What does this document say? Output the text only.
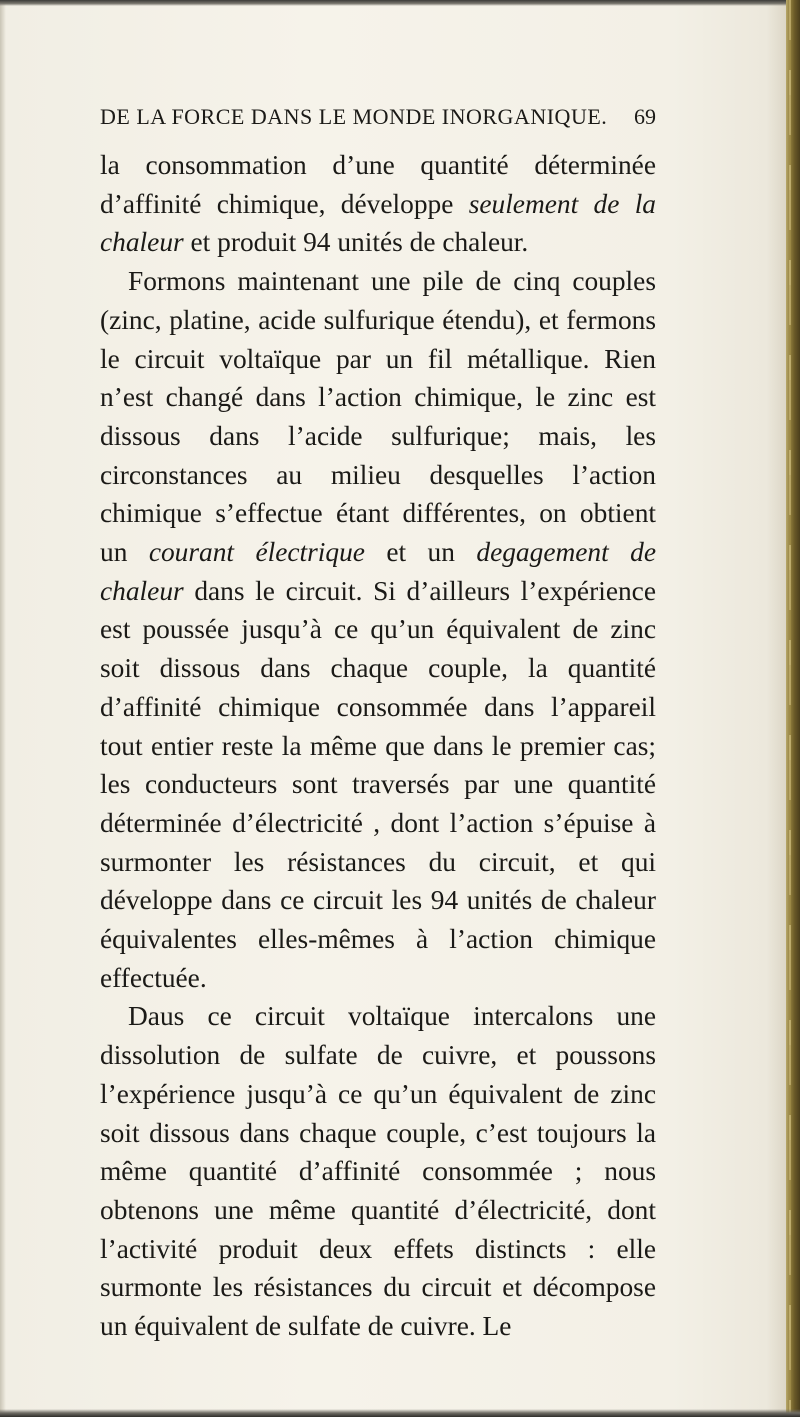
DE LA FORCE DANS LE MONDE INORGANIQUE. 69

la consommation d’une quantité déterminée d’affinité chimique, développe seulement de la chaleur et produit 94 unités de chaleur.

Formons maintenant une pile de cinq couples (zinc, platine, acide sulfurique étendu), et fermons le circuit voltaïque par un fil métallique. Rien n’est changé dans l’action chimique, le zinc est dissous dans l’acide sulfurique; mais, les circonstances au milieu desquelles l’action chimique s’effectue étant différentes, on obtient un courant électrique et un degagement de chaleur dans le circuit. Si d’ailleurs l’expérience est poussée jusqu’à ce qu’un équivalent de zinc soit dissous dans chaque couple, la quantité d’affinité chimique consommée dans l’appareil tout entier reste la même que dans le premier cas; les conducteurs sont traversés par une quantité déterminée d’électricité , dont l’action s’épuise à surmonter les résistances du circuit, et qui développe dans ce circuit les 94 unités de chaleur équivalentes elles-mêmes à l’action chimique effectuée.

Daus ce circuit voltaïque intercalons une dissolution de sulfate de cuivre, et poussons l’expérience jusqu’à ce qu’un équivalent de zinc soit dissous dans chaque couple, c’est toujours la même quantité d’affinité consommée ; nous obtenons une même quantité d’électricité, dont l’activité produit deux effets distincts : elle surmonte les résistances du circuit et décompose un équivalent de sulfate de cuivre. Le
